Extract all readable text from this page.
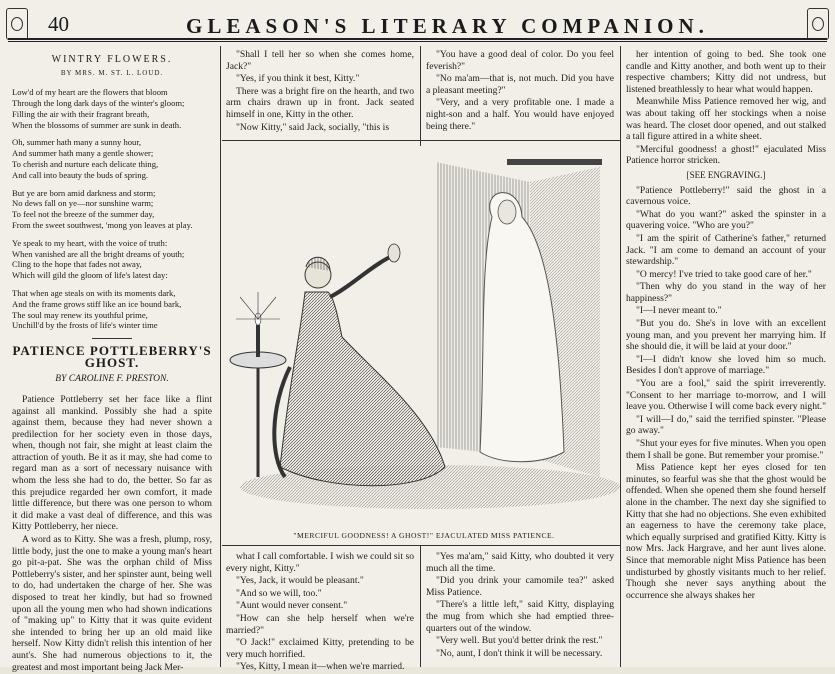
40	GLEASON'S LITERARY COMPANION.
WINTRY FLOWERS.
BY MRS. M. ST. L. LOUD.
Low'd of my heart are the flowers that bloom
Through the long dark days of the winter's gloom;
Filling the air with their fragrant breath,
When the blossoms of summer are sunk in death.
Oh, summer hath many a sunny hour,
And summer hath many a gentle shower;
To cherish and nurture each delicate thing,
And call into beauty the buds of spring.
But ye are born amid darkness and storm;
No dews fall on ye—nor sunshine warm;
To feel not the breeze of the summer day,
From the sweet southwest, 'mong yon leaves at play.
Ye speak to my heart, with the voice of truth:
When vanished are all the bright dreams of youth;
Cling to the hope that fades not away,
Which will gild the gloom of life's latest day:
That when age steals on with its moments dark,
And the frame grows stiff like an ice bound bark,
The soul may renew its youthful prime,
Unchill'd by the frosts of life's winter time
PATIENCE POTTLEBERRY'S GHOST.
BY CAROLINE F. PRESTON.

Patience Pottleberry set her face like a flint against all mankind. Possibly she had a spite against them, because they had never shown a predilection for her society even in those days, when, though not fair, she might at least claim the attraction of youth. Be it as it may, she had come to regard man as a sort of necessary nuisance with whom the less she had to do, the better. So far as this prejudice regarded her own comfort, it made little difference, but there was one person to whom it did make a vast deal of difference, and this was Kitty Pottleberry, her niece.

A word as to Kitty. She was a fresh, plump, rosy, little body, just the one to make a young man's heart go pit-a-pat. She was the orphan child of Miss Pottleberry's sister, and her spinster aunt, being well to do, had undertaken the charge of her. She was disposed to treat her kindly, but had so frowned upon all the young men who had shown indications of "making up" to Kitty that it was quite evident she intended to bring her up an old maid like herself. Now Kitty didn't relish this intention of her aunt's. She had numerous objections to it, the greatest and most important being Jack Mer-

"Shall I tell her so when she comes home, Jack?"

"Yes, if you think it best, Kitty."

There was a bright fire on the hearth, and two arm chairs drawn up in front. Jack seated himself in one, Kitty in the other.

"Now Kitty," said Jack, socially, "this is

"You have a good deal of color. Do you feel feverish?"

"No ma'am—that is, not much. Did you have a pleasant meeting?"

"Very, and a very profitable one. I made a night-son and a half. You would have enjoyed being there."

"MERCIFUL GOODNESS! A GHOST!" EJACULATED MISS PATIENCE.

what I call comfortable. I wish we could sit so every night, Kitty."

"Yes, Jack, it would be pleasant."

"And so we will, too."

"Aunt would never consent."

"How can she help herself when we're married?"

"O Jack!" exclaimed Kitty, pretending to be very much horrified.

"Yes, Kitty, I mean it—when we're married.

"Yes ma'am," said Kitty, who doubted it very much all the time.

"Did you drink your camomile tea?" asked Miss Patience.

"There's a little left," said Kitty, displaying the mug from which she had emptied three-quarters out of the window.

"Very well. But you'd better drink the rest."

"No, aunt, I don't think it will be necessary.

her intention of going to bed. She took one candle and Kitty another, and both went up to their respective chambers; Kitty did not undress, but listened breathlessly to hear what would happen.

Meanwhile Miss Patience removed her wig, and was about taking off her stockings when a noise was heard. The closet door opened, and out stalked a tall figure attired in a white sheet.

"Merciful goodness! a ghost!" ejaculated Miss Patience horror stricken.

[SEE ENGRAVING.]

"Patience Pottleberry!" said the ghost in a cavernous voice.

"What do you want?" asked the spinster in a quavering voice. "Who are you?"

"I am the spirit of Catherine's father," returned Jack. "I am come to demand an account of your stewardship."

"O mercy! I've tried to take good care of her."

"Then why do you stand in the way of her happiness?"

"I—I never meant to."

"But you do. She's in love with an excellent young man, and you prevent her marrying him. If she should die, it will be laid at your door."

"I—I didn't know she loved him so much. Besides I don't approve of marriage."

"You are a fool," said the spirit irreverently. "Consent to her marriage to-morrow, and I will leave you. Otherwise I will come back every night."

"I will—I do," said the terrified spinster. "Please go away."

"Shut your eyes for five minutes. When you open them I shall be gone. But remember your promise."

Miss Patience kept her eyes closed for ten minutes, so fearful was she that the ghost would be offended. When she opened them she found herself alone in the chamber. The next day she signified to Kitty that she had no objections. She even exhibited an eagerness to have the ceremony take place, which equally surprised and gratified Kitty. Kitty is now Mrs. Jack Hargrave, and her aunt lives alone. Since that memorable night Miss Patience has been undisturbed by ghostly visitants much to her relief. Though she never says anything about the occurrence she always shakes her
